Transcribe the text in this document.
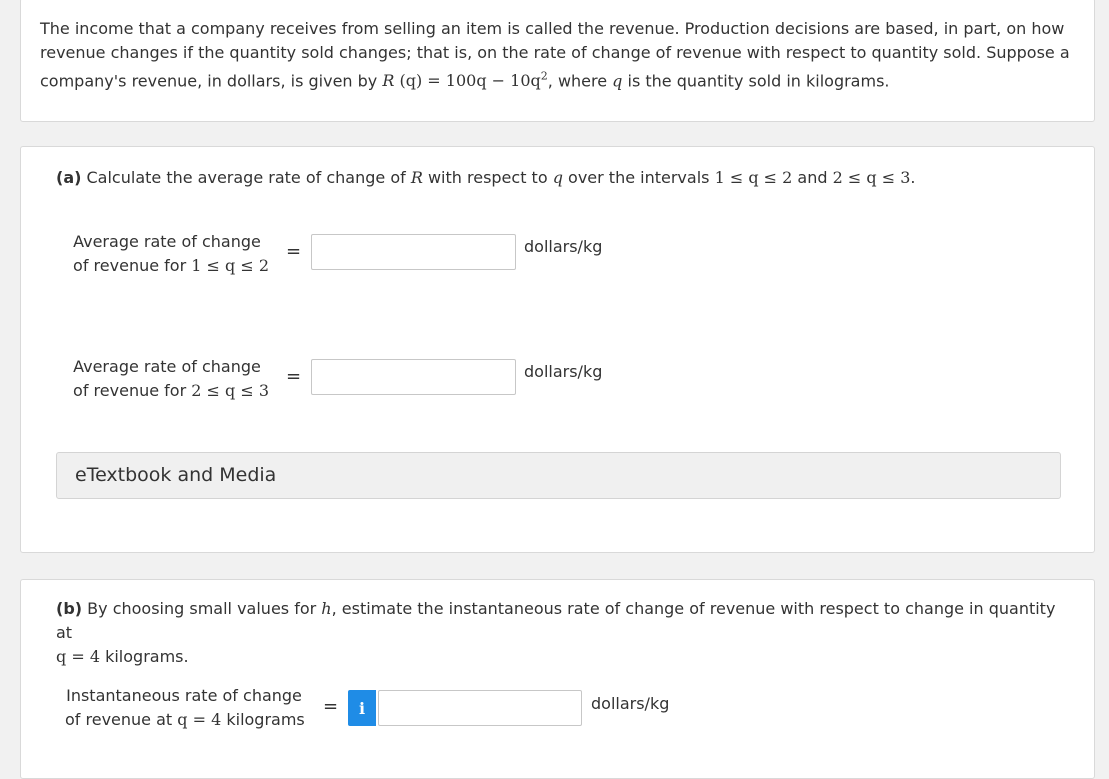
The income that a company receives from selling an item is called the revenue. Production decisions are based, in part, on how
revenue changes if the quantity sold changes; that is, on the rate of change of revenue with respect to quantity sold. Suppose a
company's revenue, in dollars, is given by R $(q) = 100q - 10q^2$, where q is the quantity sold in kilograms.
(a) Calculate the average rate of change of R with respect to q over the intervals 1 ≤ q ≤ 2 and 2 ≤ q ≤ 3.
Average rate of change
of revenue for 1 ≤ q ≤ 2
=	dollars/kg
Average rate of change
of revenue for 2 ≤ q ≤ 3
=	dollars/kg
eTextbook and Media
(b) By choosing small values for h, estimate the instantaneous rate of change of revenue with respect to change in quantity at
q = 4 kilograms.
Instantaneous rate of change
of revenue at q = 4 kilograms
=	i	dollars/kg
